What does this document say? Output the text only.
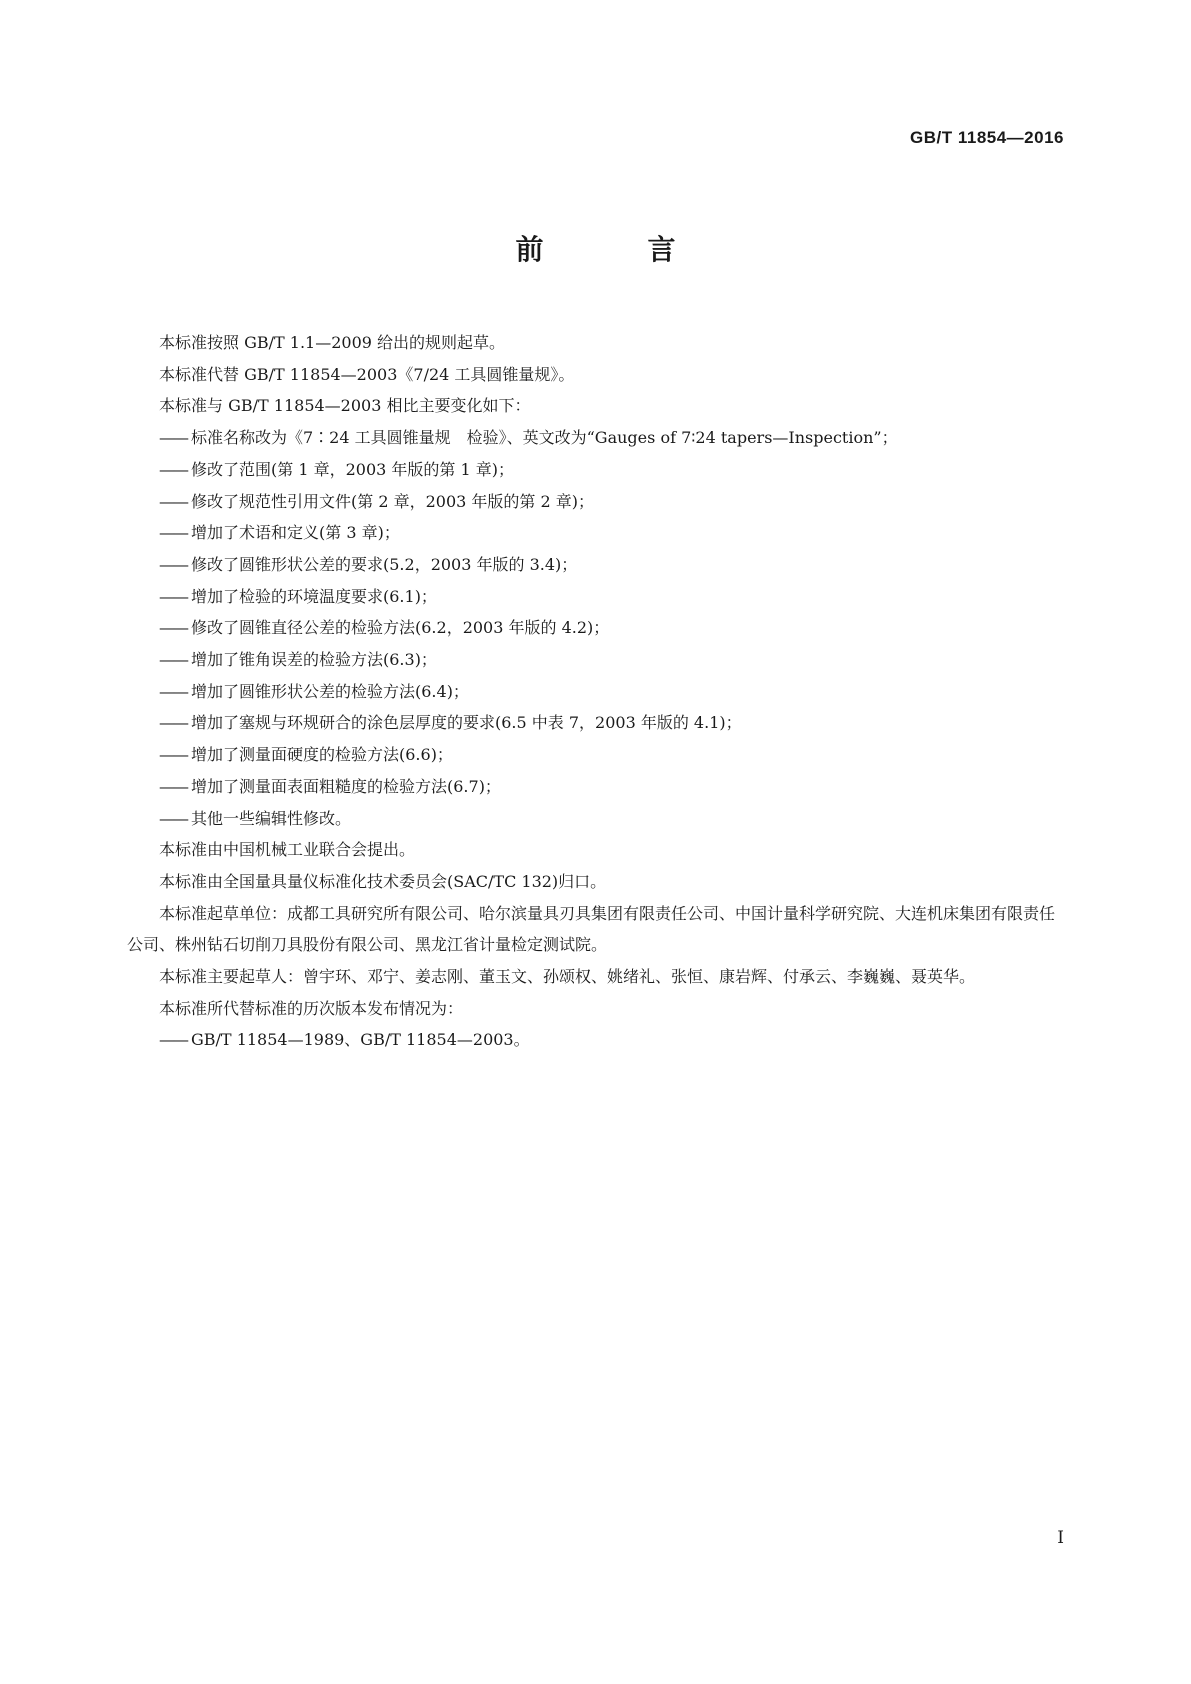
GB/T 11854—2016
前　言

本标准按照 GB/T 1.1—2009 给出的规则起草。

本标准代替 GB/T 11854—2003《7/24 工具圆锥量规》。

本标准与 GB/T 11854—2003 相比主要变化如下：

—— 标准名称改为《7∶24 工具圆锥量规　检验》、英文改为“Gauges of 7∶24 tapers—Inspection”；

—— 修改了范围(第 1 章，2003 年版的第 1 章)；

—— 修改了规范性引用文件(第 2 章，2003 年版的第 2 章)；

—— 增加了术语和定义(第 3 章)；

—— 修改了圆锥形状公差的要求(5.2，2003 年版的 3.4)；

—— 增加了检验的环境温度要求(6.1)；

—— 修改了圆锥直径公差的检验方法(6.2，2003 年版的 4.2)；

—— 增加了锥角误差的检验方法(6.3)；

—— 增加了圆锥形状公差的检验方法(6.4)；

—— 增加了塞规与环规研合的涂色层厚度的要求(6.5 中表 7，2003 年版的 4.1)；

—— 增加了测量面硬度的检验方法(6.6)；

—— 增加了测量面表面粗糙度的检验方法(6.7)；

—— 其他一些编辑性修改。

本标准由中国机械工业联合会提出。

本标准由全国量具量仪标准化技术委员会(SAC/TC 132)归口。

本标准起草单位：成都工具研究所有限公司、哈尔滨量具刃具集团有限责任公司、中国计量科学研究院、大连机床集团有限责任公司、株州钻石切削刀具股份有限公司、黑龙江省计量检定测试院。

本标准主要起草人：曾宇环、邓宁、姜志刚、董玉文、孙颂权、姚绪礼、张恒、康岩辉、付承云、李巍巍、聂英华。

本标准所代替标准的历次版本发布情况为：

—— GB/T 11854—1989、GB/T 11854—2003。

I
